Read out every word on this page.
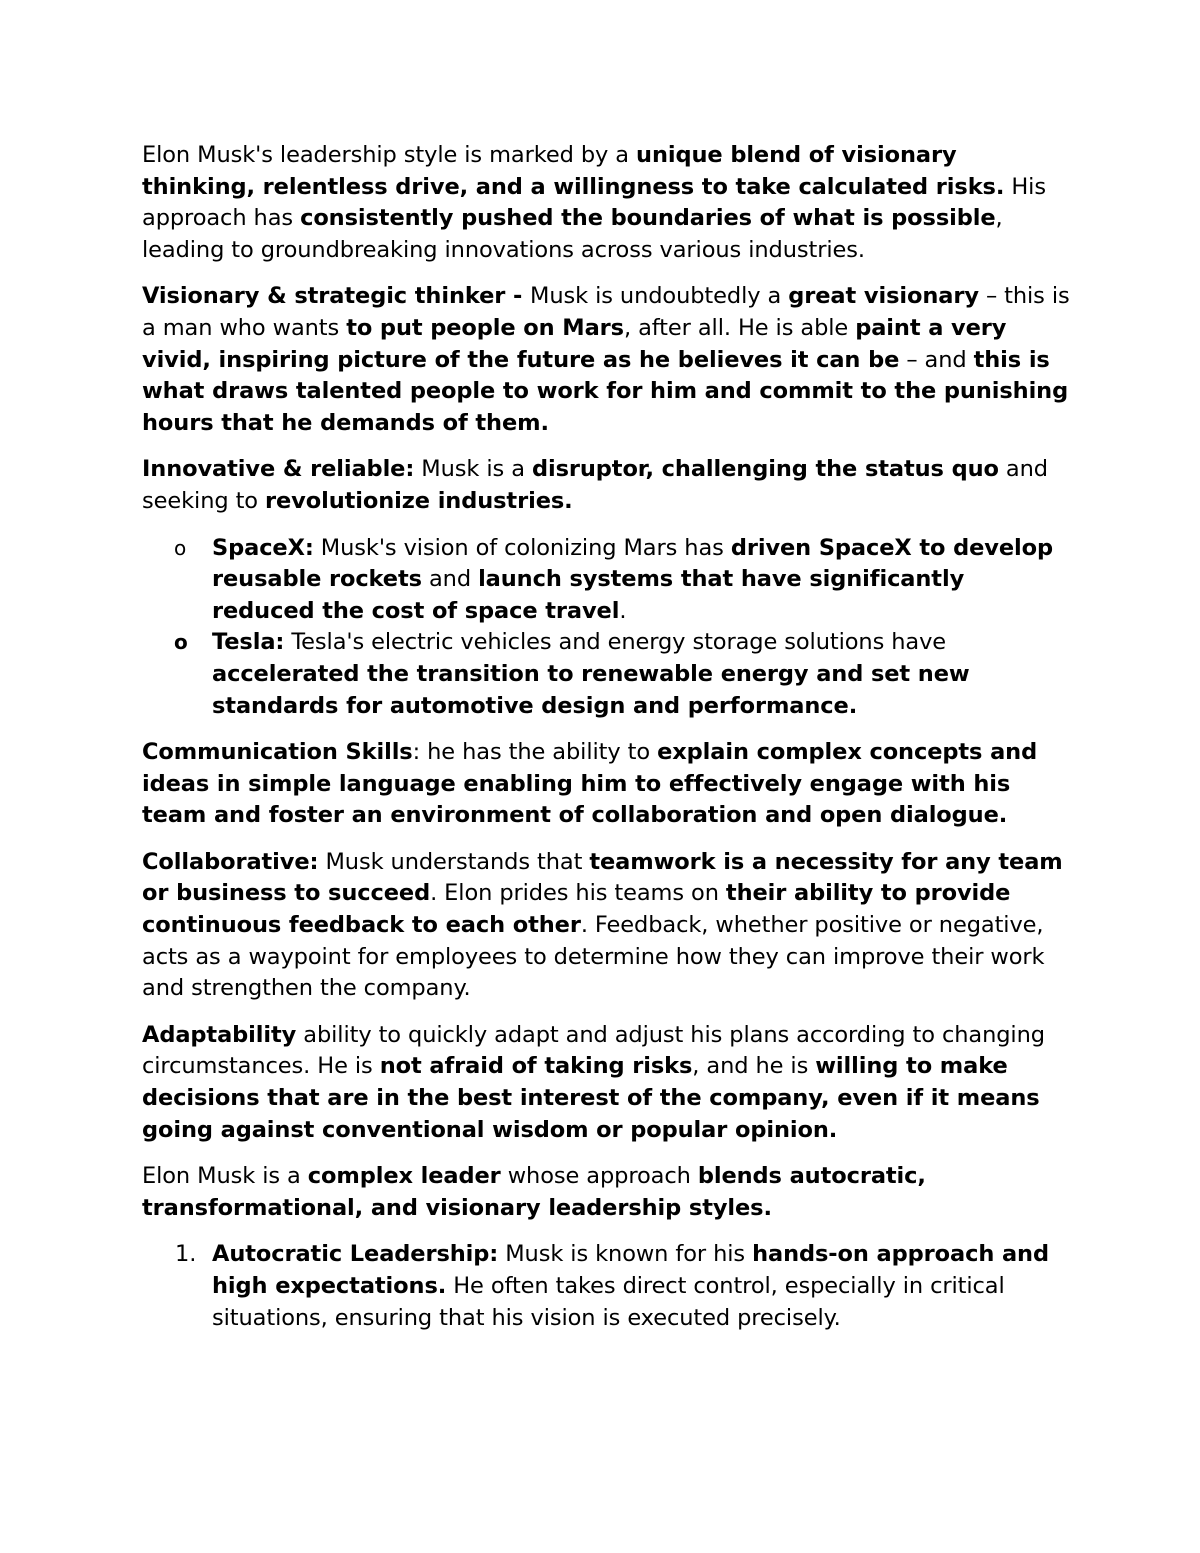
Elon Musk's leadership style is marked by a unique blend of visionary thinking, relentless drive, and a willingness to take calculated risks. His approach has consistently pushed the boundaries of what is possible, leading to groundbreaking innovations across various industries.

Visionary & strategic thinker - Musk is undoubtedly a great visionary – this is a man who wants to put people on Mars, after all. He is able paint a very vivid, inspiring picture of the future as he believes it can be – and this is what draws talented people to work for him and commit to the punishing hours that he demands of them.

Innovative & reliable: Musk is a disruptor, challenging the status quo and seeking to revolutionize industries.

o SpaceX: Musk's vision of colonizing Mars has driven SpaceX to develop reusable rockets and launch systems that have significantly reduced the cost of space travel.
o Tesla: Tesla's electric vehicles and energy storage solutions have accelerated the transition to renewable energy and set new standards for automotive design and performance.

Communication Skills: he has the ability to explain complex concepts and ideas in simple language enabling him to effectively engage with his team and foster an environment of collaboration and open dialogue.

Collaborative: Musk understands that teamwork is a necessity for any team or business to succeed. Elon prides his teams on their ability to provide continuous feedback to each other. Feedback, whether positive or negative, acts as a waypoint for employees to determine how they can improve their work and strengthen the company.

Adaptability ability to quickly adapt and adjust his plans according to changing circumstances. He is not afraid of taking risks, and he is willing to make decisions that are in the best interest of the company, even if it means going against conventional wisdom or popular opinion.

Elon Musk is a complex leader whose approach blends autocratic, transformational, and visionary leadership styles.

1. Autocratic Leadership: Musk is known for his hands-on approach and high expectations. He often takes direct control, especially in critical situations, ensuring that his vision is executed precisely.
